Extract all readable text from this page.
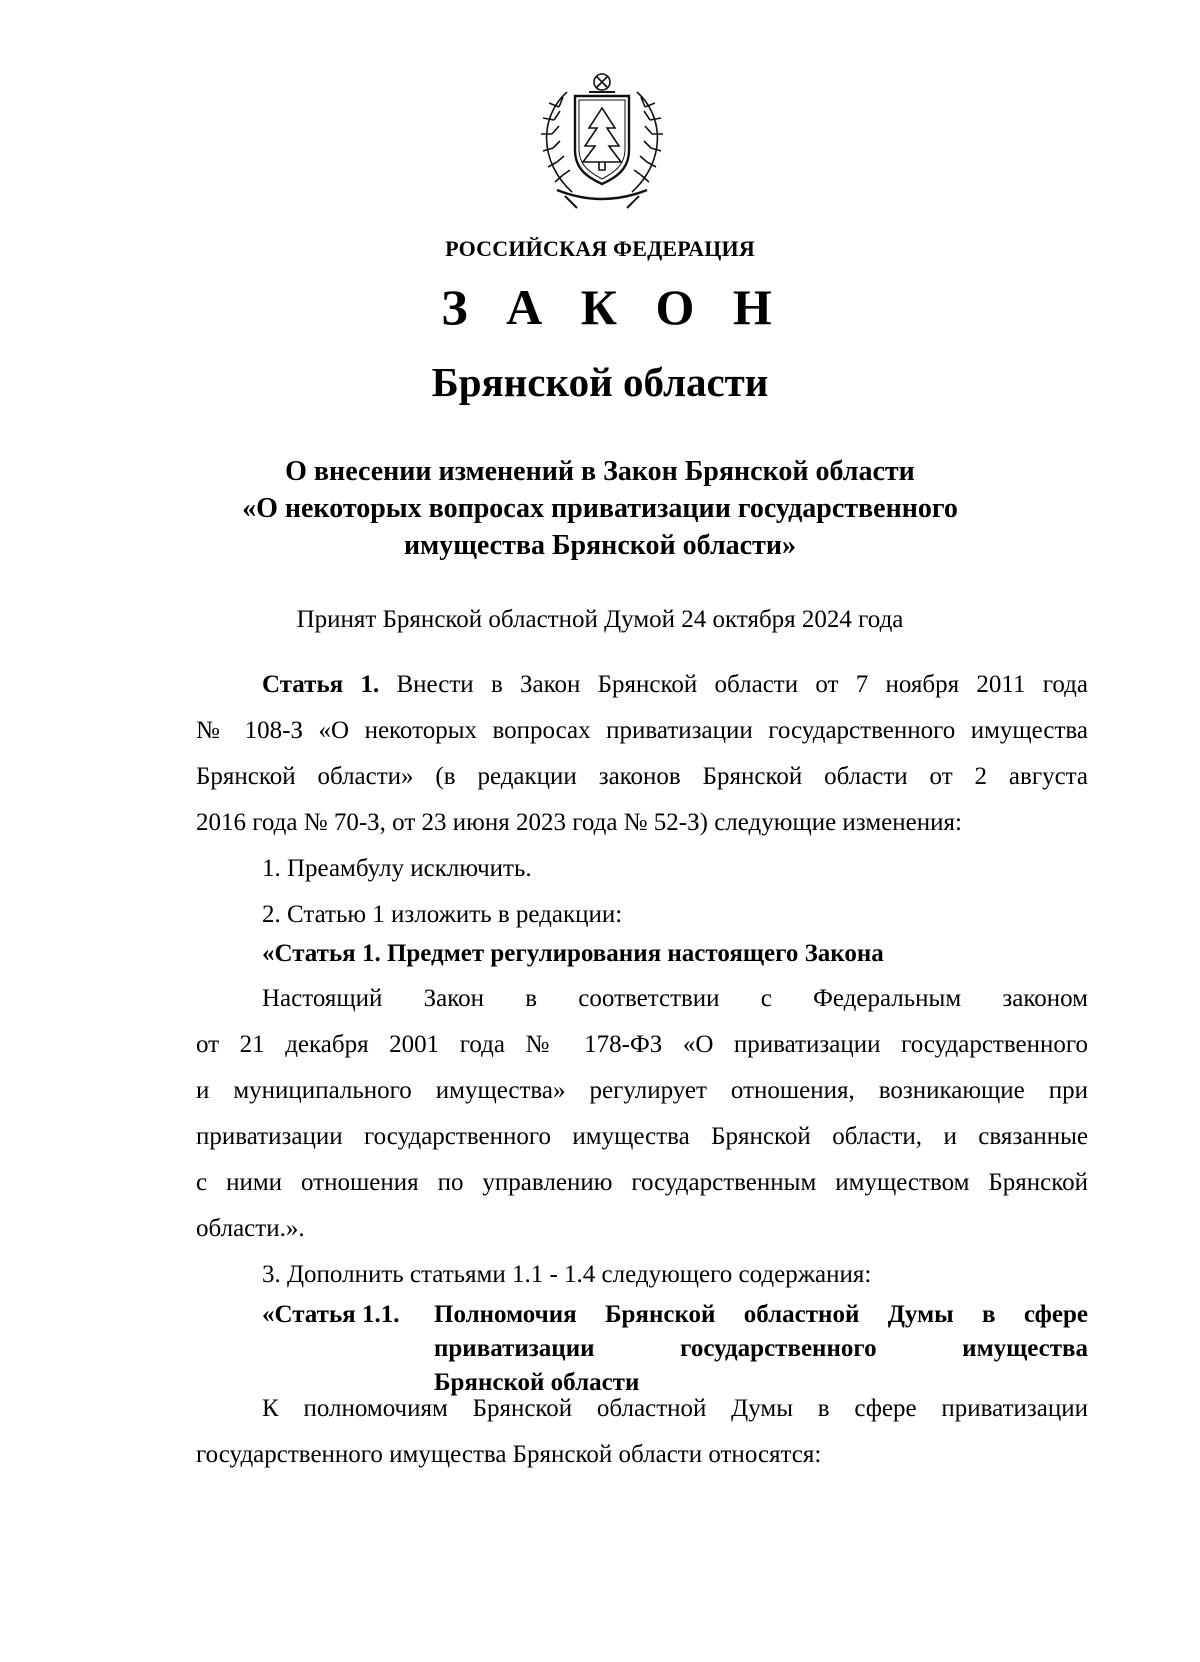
РОССИЙСКАЯ ФЕДЕРАЦИЯ
З А К О Н
Брянской области
О внесении изменений в Закон Брянской области
«О некоторых вопросах приватизации государственного
имущества Брянской области»
Принят Брянской областной Думой 24 октября 2024 года
Статья 1. Внести в Закон Брянской области от 7 ноября 2011 года
№ 108-З «О некоторых вопросах приватизации государственного имущества
Брянской области» (в редакции законов Брянской области от 2 августа
2016 года № 70-З, от 23 июня 2023 года № 52-З) следующие изменения:
1. Преамбулу исключить.
2. Статью 1 изложить в редакции:
«Статья 1. Предмет регулирования настоящего Закона
Настоящий Закон в соответствии с Федеральным законом
от 21 декабря 2001 года № 178-ФЗ «О приватизации государственного
и муниципального имущества» регулирует отношения, возникающие при
приватизации государственного имущества Брянской области, и связанные
с ними отношения по управлению государственным имуществом Брянской
области.».
3. Дополнить статьями 1.1 - 1.4 следующего содержания:
«Статья 1.1. Полномочия Брянской областной Думы в сфере
приватизации государственного имущества
Брянской области
К полномочиям Брянской областной Думы в сфере приватизации
государственного имущества Брянской области относятся:
